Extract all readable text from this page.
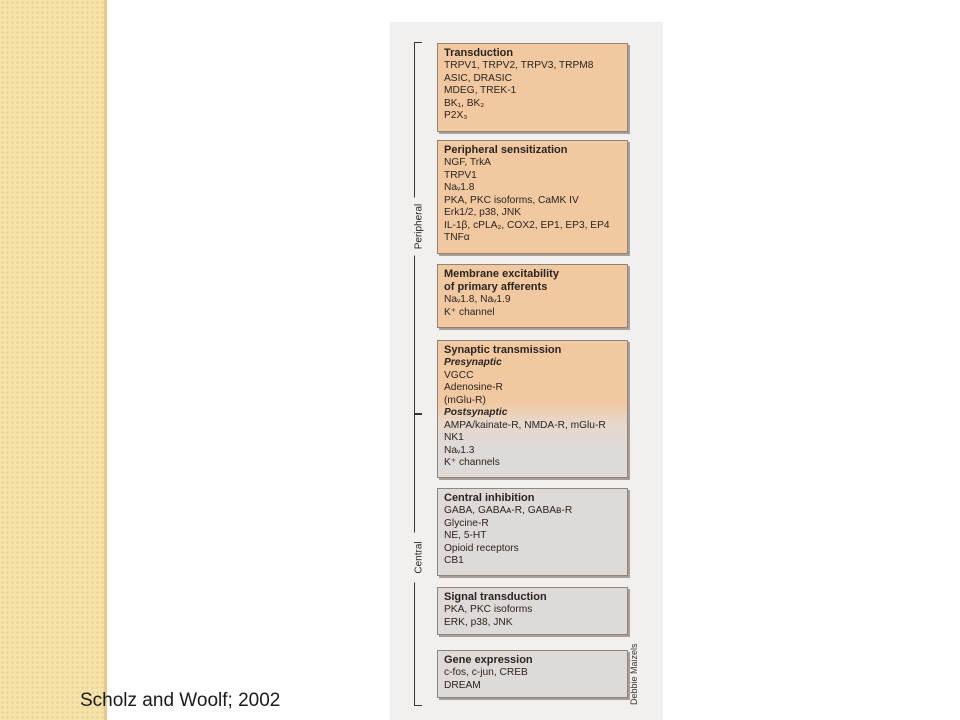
Peripheral
Central
Transduction
TRPV1, TRPV2, TRPV3, TRPM8
ASIC, DRASIC
MDEG, TREK-1
BK₁, BK₂
P2X₃
Peripheral sensitization
NGF, TrkA
TRPV1
Naᵥ1.8
PKA, PKC isoforms, CaMK IV
Erk1/2, p38, JNK
IL-1β, cPLA₂, COX2, EP1, EP3, EP4
TNFα
Membrane excitability
of primary afferents
Naᵥ1.8, Naᵥ1.9
K⁺ channel
Synaptic transmission
Presynaptic
VGCC
Adenosine-R
(mGlu-R)
Postsynaptic
AMPA/kainate-R, NMDA-R, mGlu-R
NK1
Naᵥ1.3
K⁺ channels
Central inhibition
GABA, GABAᴀ-R, GABAʙ-R
Glycine-R
NE, 5-HT
Opioid receptors
CB1
Signal transduction
PKA, PKC isoforms
ERK, p38, JNK
Gene expression
c-fos, c-jun, CREB
DREAM	Debbie Maizels
Scholz and Woolf; 2002
